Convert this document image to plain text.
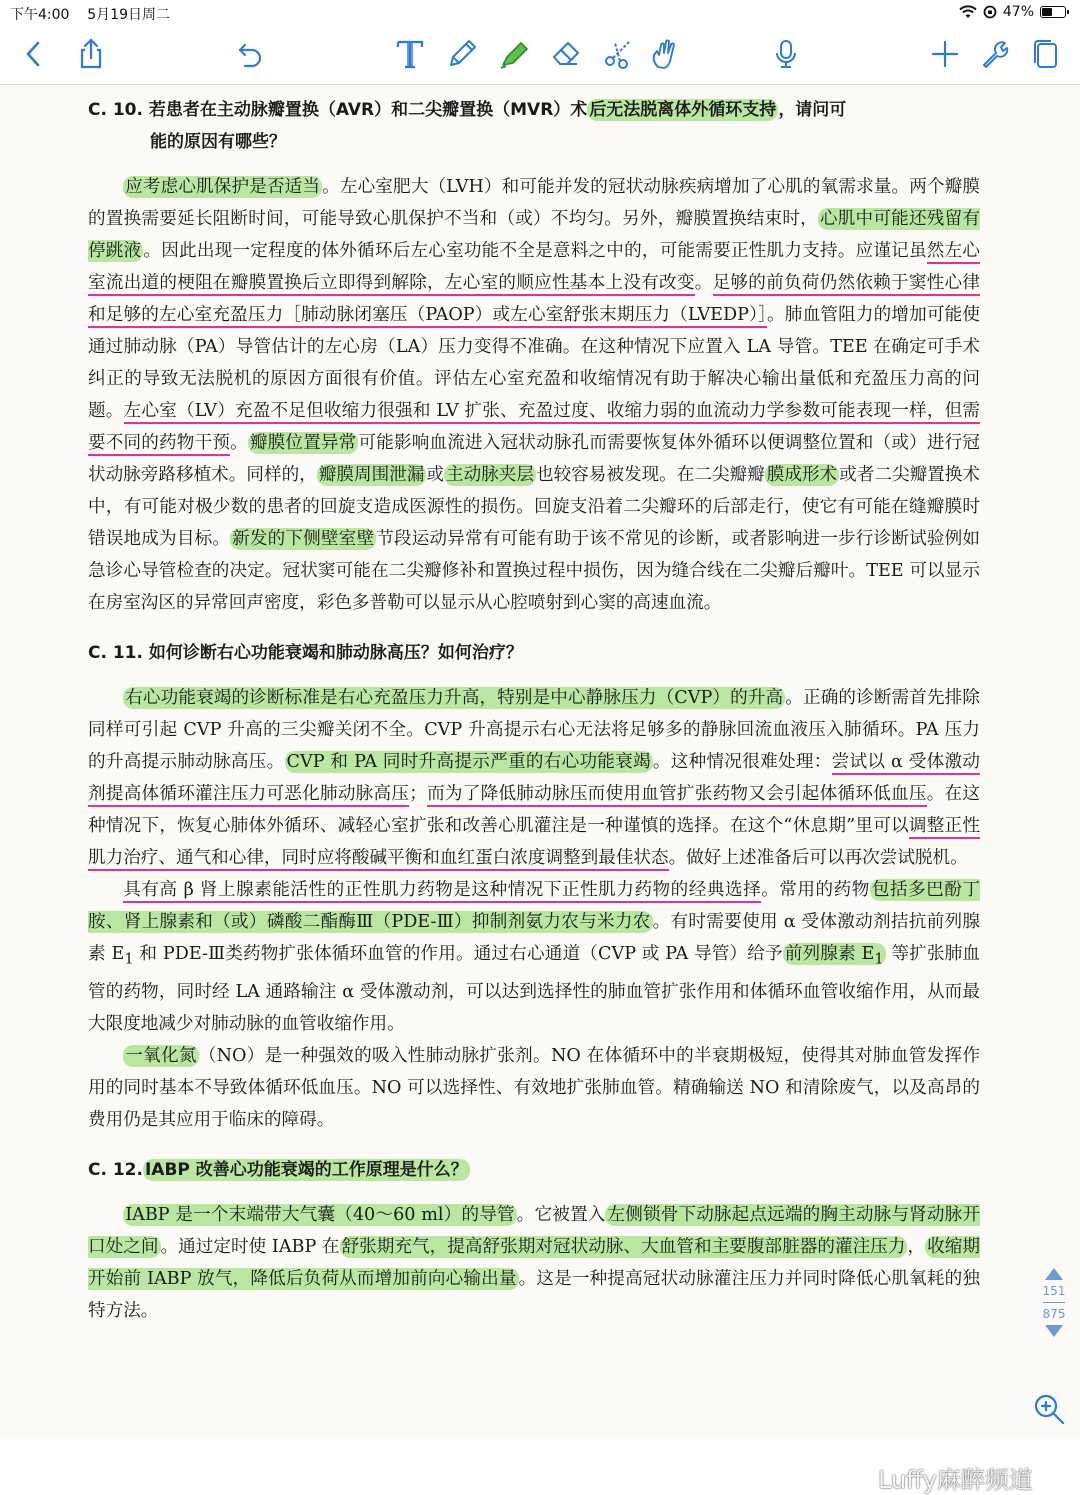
下午4:00 5月19日周二	47%

C. 10. 若患者在主动脉瓣置换（AVR）和二尖瓣置换（MVR）术 后无法脱离体外循环支持 ，请问可

能的原因有哪些？

应考虑心肌保护是否适当 。左心室肥大（LVH）和可能并发的冠状动脉疾病增加了心肌的氧需求量。两个瓣膜的置换需要延长阻断时间，可能导致心肌保护不当和（或）不均匀。另外，瓣膜置换结束时， 心肌中可能还残留有停跳液 。因此出现一定程度的体外循环后左心室功能不全是意料之中的，可能需要正性肌力支持。应谨记虽然左心室流出道的梗阻在瓣膜置换后立即得到解除，左心室的顺应性基本上没有改变。足够的前负荷仍然依赖于窦性心律和足够的左心室充盈压力［肺动脉闭塞压（PAOP）或左心室舒张末期压力（LVEDP）］。肺血管阻力的增加可能使通过肺动脉（PA）导管估计的左心房（LA）压力变得不准确。在这种情况下应置入 LA 导管。TEE 在确定可手术纠正的导致无法脱机的原因方面很有价值。评估左心室充盈和收缩情况有助于解决心输出量低和充盈压力高的问题。左心室（LV）充盈不足但收缩力很强和 LV 扩张、充盈过度、收缩力弱的血流动力学参数可能表现一样，但需要不同的药物干预。 瓣膜位置异常 可能影响血流进入冠状动脉孔而需要恢复体外循环以便调整位置和（或）进行冠状动脉旁路移植术。同样的， 瓣膜周围泄漏 或 主动脉夹层 也较容易被发现。在二尖瓣瓣 膜成形术 或者二尖瓣置换术中，有可能对极少数的患者的回旋支造成医源性的损伤。回旋支沿着二尖瓣环的后部走行，使它有可能在缝瓣膜时错误地成为目标。 新发的下侧壁室壁 节段运动异常有可能有助于该不常见的诊断，或者影响进一步行诊断试验例如急诊心导管检查的决定。冠状窦可能在二尖瓣修补和置换过程中损伤，因为缝合线在二尖瓣后瓣叶。TEE 可以显示在房室沟区的异常回声密度，彩色多普勒可以显示从心腔喷射到心窦的高速血流。

C. 11. 如何诊断右心功能衰竭和肺动脉高压？如何治疗？

右心功能衰竭的诊断标准是右心充盈压力升高，特别是中心静脉压力（CVP）的升高 。正确的诊断需首先排除同样可引起 CVP 升高的三尖瓣关闭不全。CVP 升高提示右心无法将足够多的静脉回流血液压入肺循环。PA 压力的升高提示肺动脉高压。 CVP 和 PA 同时升高提示严重的右心功能衰竭 。这种情况很难处理：尝试以 α 受体激动剂提高体循环灌注压力可恶化肺动脉高压；而为了降低肺动脉压而使用血管扩张药物又会引起体循环低血压。在这种情况下，恢复心肺体外循环、减轻心室扩张和改善心肌灌注是一种谨慎的选择。在这个“休息期”里可以调整正性肌力治疗、通气和心律，同时应将酸碱平衡和血红蛋白浓度调整到最佳状态。做好上述准备后可以再次尝试脱机。

具有高 β 肾上腺素能活性的正性肌力药物是这种情况下正性肌力药物的经典选择。常用的药物 包括多巴酚丁胺、肾上腺素和（或）磷酸二酯酶Ⅲ（PDE-Ⅲ）抑制剂氨力农与米力农 。有时需要使用 α 受体激动剂拮抗前列腺素 $E_1$ 和 PDE-Ⅲ类药物扩张体循环血管的作用。通过右心通道（CVP 或 PA 导管）给予 前列腺素 $E_1$ 等扩张肺血管的药物，同时经 LA 通路输注 α 受体激动剂，可以达到选择性的肺血管扩张作用和体循环血管收缩作用，从而最大限度地减少对肺动脉的血管收缩作用。

一氧化氮 （NO）是一种强效的吸入性肺动脉扩张剂。NO 在体循环中的半衰期极短，使得其对肺血管发挥作用的同时基本不导致体循环低血压。NO 可以选择性、有效地扩张肺血管。精确输送 NO 和清除废气，以及高昂的费用仍是其应用于临床的障碍。

C. 12. IABP 改善心功能衰竭的工作原理是什么？

IABP 是一个末端带大气囊（40～60 ml）的导管 。它被置入 左侧锁骨下动脉起点远端的胸主动脉与肾动脉开口处之间 。通过定时使 IABP 在 舒张期充气，提高舒张期对冠状动脉、大血管和主要腹部脏器的灌注压力 ， 收缩期开始前 IABP 放气，降低后负荷从而增加前向心输出量 。这是一种提高冠状动脉灌注压力并同时降低心肌氧耗的独特方法。

Luffy麻醉频道
151
875
